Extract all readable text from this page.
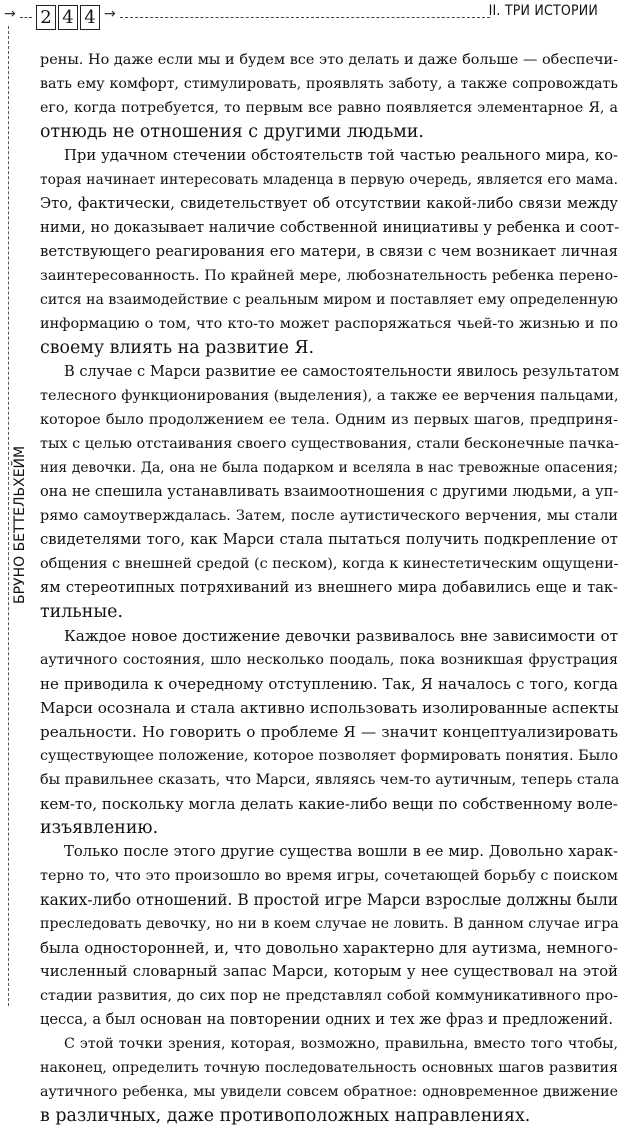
→ 2 4 4 →	II. ТРИ ИСТОРИИ
БРУНО БЕТТЕЛЬХЕЙМ

рены. Но даже если мы и будем все это делать и даже больше — обеспечи-
вать ему комфорт, стимулировать, проявлять заботу, а также сопровождать
его, когда потребуется, то первым все равно появляется элементарное Я, а
отнюдь не отношения с другими людьми.

При удачном стечении обстоятельств той частью реального мира, ко-
торая начинает интересовать младенца в первую очередь, является его мама.
Это, фактически, свидетельствует об отсутствии какой-либо связи между
ними, но доказывает наличие собственной инициативы у ребенка и соот-
ветствующего реагирования его матери, в связи с чем возникает личная
заинтересованность. По крайней мере, любознательность ребенка перено-
сится на взаимодействие с реальным миром и поставляет ему определенную
информацию о том, что кто-то может распоряжаться чьей-то жизнью и по
своему влиять на развитие Я.

В случае с Марси развитие ее самостоятельности явилось результатом
телесного функционирования (выделения), а также ее верчения пальцами,
которое было продолжением ее тела. Одним из первых шагов, предприня-
тых с целью отстаивания своего существования, стали бесконечные пачка-
ния девочки. Да, она не была подарком и вселяла в нас тревожные опасения;
она не спешила устанавливать взаимоотношения с другими людьми, а уп-
рямо самоутверждалась. Затем, после аутистического верчения, мы стали
свидетелями того, как Марси стала пытаться получить подкрепление от
общения с внешней средой (с песком), когда к кинестетическим ощущени-
ям стереотипных потряхиваний из внешнего мира добавились еще и так-
тильные.

Каждое новое достижение девочки развивалось вне зависимости от
аутичного состояния, шло несколько поодаль, пока возникшая фрустрация
не приводила к очередному отступлению. Так, Я началось с того, когда
Марси осознала и стала активно использовать изолированные аспекты
реальности. Но говорить о проблеме Я — значит концептуализировать
существующее положение, которое позволяет формировать понятия. Было
бы правильнее сказать, что Марси, являясь чем-то аутичным, теперь стала
кем-то, поскольку могла делать какие-либо вещи по собственному воле-
изъявлению.

Только после этого другие существа вошли в ее мир. Довольно харак-
терно то, что это произошло во время игры, сочетающей борьбу с поиском
каких-либо отношений. В простой игре Марси взрослые должны были
преследовать девочку, но ни в коем случае не ловить. В данном случае игра
была односторонней, и, что довольно характерно для аутизма, немного-
численный словарный запас Марси, которым у нее существовал на этой
стадии развития, до сих пор не представлял собой коммуникативного про-
цесса, а был основан на повторении одних и тех же фраз и предложений.

С этой точки зрения, которая, возможно, правильна, вместо того чтобы,
наконец, определить точную последовательность основных шагов развития
аутичного ребенка, мы увидели совсем обратное: одновременное движение
в различных, даже противоположных направлениях.
